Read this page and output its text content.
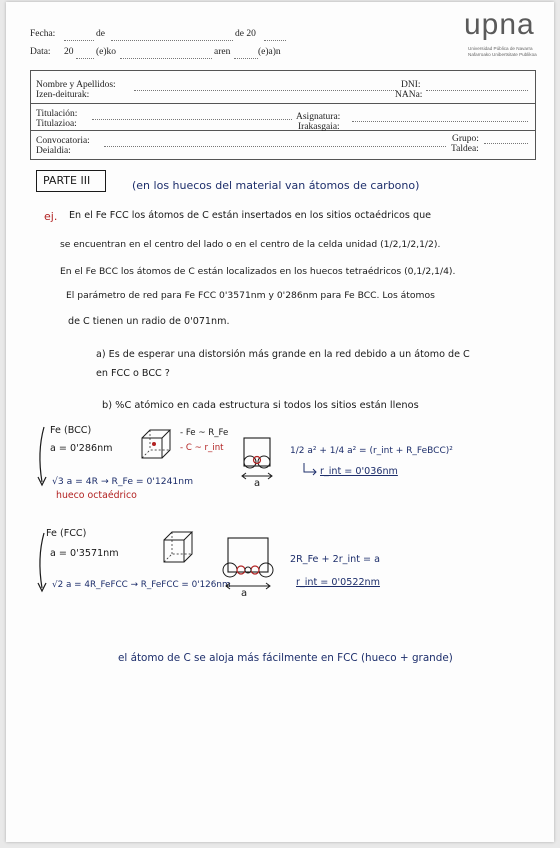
Fecha:	de	de 20
Data: 20 (e)ko	aren	(e)a)n
upna
Universidad Pública de Navarra
Nafarroako Unibertsitate Publikoa
Nombre y Apellidos:
Izen-deiturak:
DNI:
NANa:
Titulación:
Titulazioa:
Asignatura:
Irakasgaia:
Convocatoria:
Deialdia:
Grupo:
Taldea:
PARTE III	(en los huecos del material van átomos de carbono)
ej. En el Fe FCC los átomos de C están insertados en los sitios octaédricos que
se encuentran en el centro del lado o en el centro de la celda unidad (1/2,1/2,1/2).
En el Fe BCC los átomos de C están localizados en los huecos tetraédricos (0,1/2,1/4).
El parámetro de red para Fe FCC 0'3571nm y 0'286nm para Fe BCC. Los átomos
de C tienen un radio de 0'071nm.
a) Es de esperar una distorsión más grande en la red debido a un átomo de C
en FCC o BCC ?
b) %C atómico en cada estructura si todos los sitios están llenos
Fe (BCC)
a = 0'286nm
√3 a = 4R → R_Fe = 0'1241nm
hueco octaédrico
- Fe ~ R_Fe
- C ~ r_int
a
1/2 a² + 1/4 a² = (r_int + R_FeBCC)²
r_int = 0'036nm
Fe (FCC)
a = 0'3571nm
√2 a = 4R_FeFCC → R_FeFCC = 0'126nm
a
2R_Fe + 2r_int = a
r_int = 0'0522nm
el átomo de C se aloja más fácilmente en FCC (hueco + grande)
